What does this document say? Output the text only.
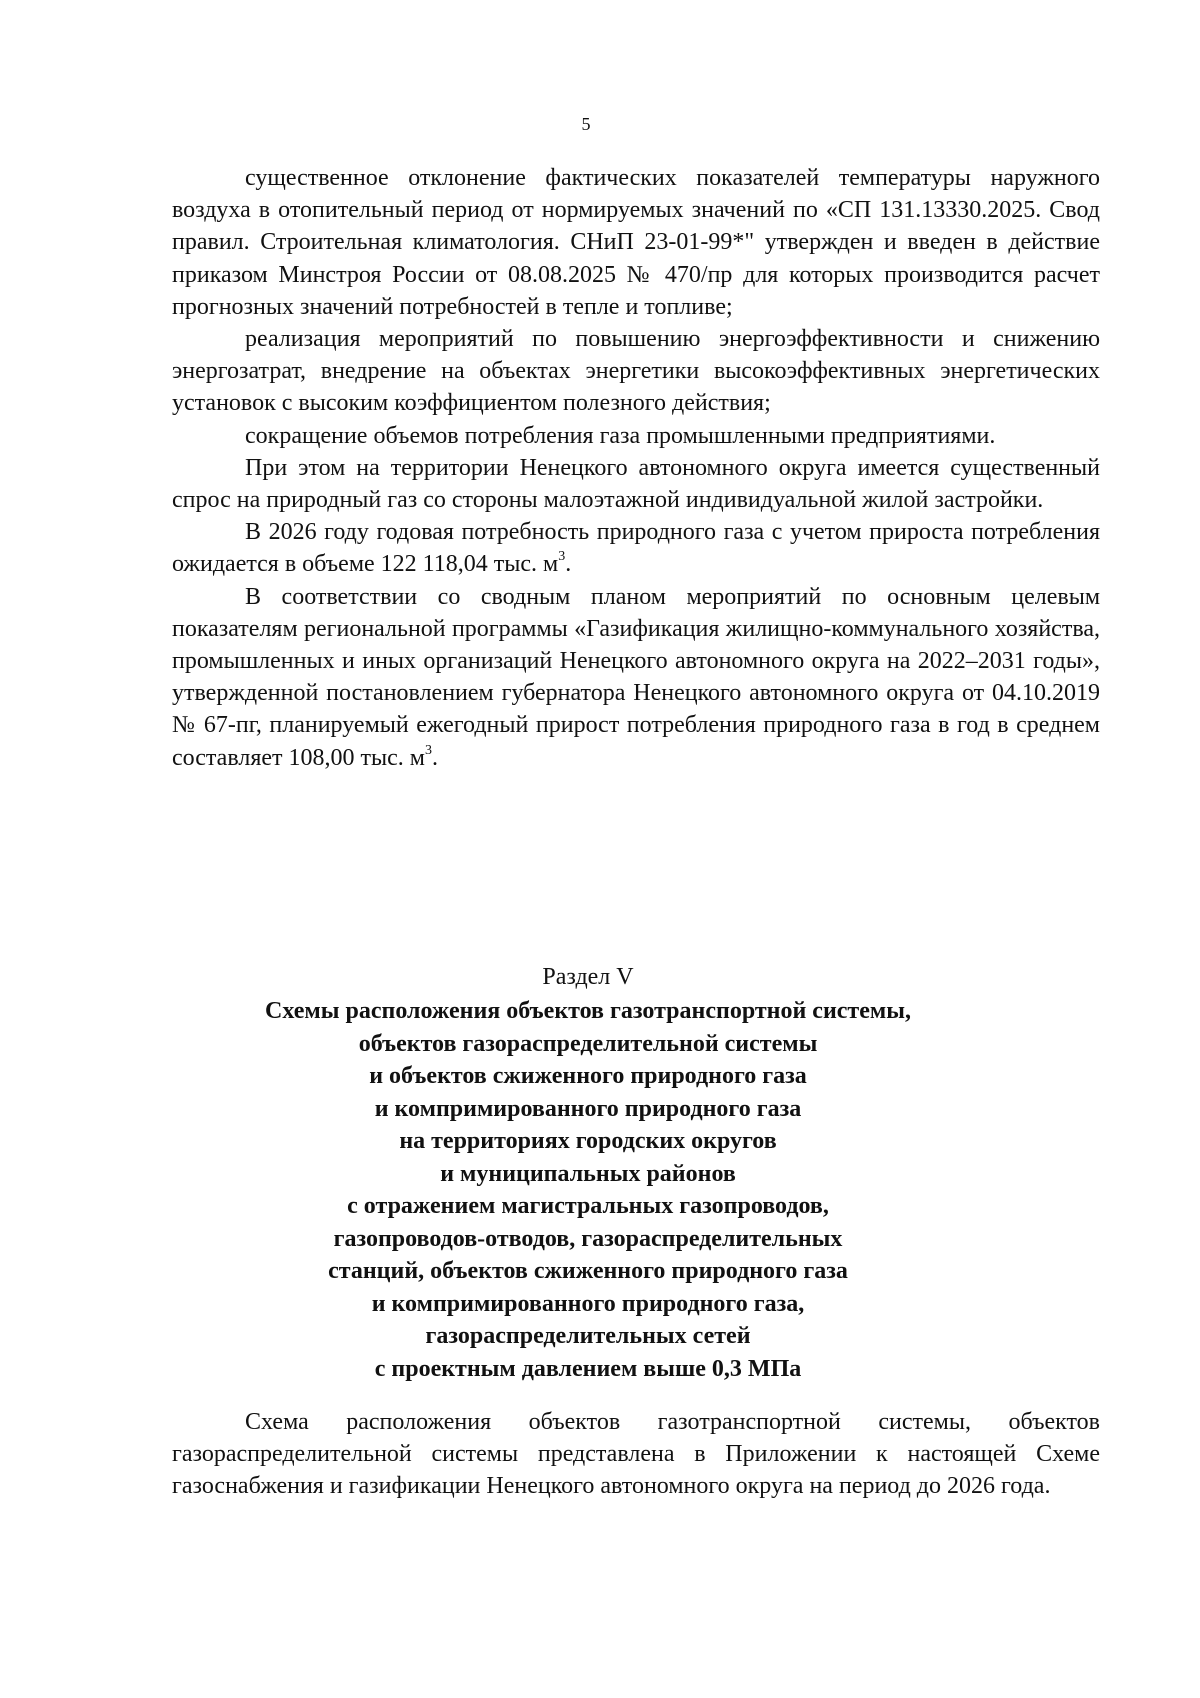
5

существенное отклонение фактических показателей температуры наружного воздуха в отопительный период от нормируемых значений по «СП 131.13330.2025. Свод правил. Строительная климатология. СНиП 23-01-99*" утвержден и введен в действие приказом Минстроя России от 08.08.2025 № 470/пр для которых производится расчет прогнозных значений потребностей в тепле и топливе;

реализация мероприятий по повышению энергоэффективности и снижению энергозатрат, внедрение на объектах энергетики высокоэффективных энергетических установок с высоким коэффициентом полезного действия;

сокращение объемов потребления газа промышленными предприятиями.

При этом на территории Ненецкого автономного округа имеется существенный спрос на природный газ со стороны малоэтажной индивидуальной жилой застройки.

В 2026 году годовая потребность природного газа с учетом прироста потребления ожидается в объеме 122 118,04 тыс. $м^3$.

В соответствии со сводным планом мероприятий по основным целевым показателям региональной программы «Газификация жилищно-коммунального хозяйства, промышленных и иных организаций Ненецкого автономного округа на 2022–2031 годы», утвержденной постановлением губернатора Ненецкого автономного округа от 04.10.2019 № 67-пг, планируемый ежегодный прирост потребления природного газа в год в среднем составляет 108,00 тыс. $м^3$.

Раздел V
Схемы расположения объектов газотранспортной системы,
объектов газораспределительной системы
и объектов сжиженного природного газа
и компримированного природного газа
на территориях городских округов
и муниципальных районов
с отражением магистральных газопроводов,
газопроводов-отводов, газораспределительных
станций, объектов сжиженного природного газа
и компримированного природного газа,
газораспределительных сетей
с проектным давлением выше 0,3 МПа

Схема расположения объектов газотранспортной системы, объектов газораспределительной системы представлена в Приложении к настоящей Схеме газоснабжения и газификации Ненецкого автономного округа на период до 2026 года.
